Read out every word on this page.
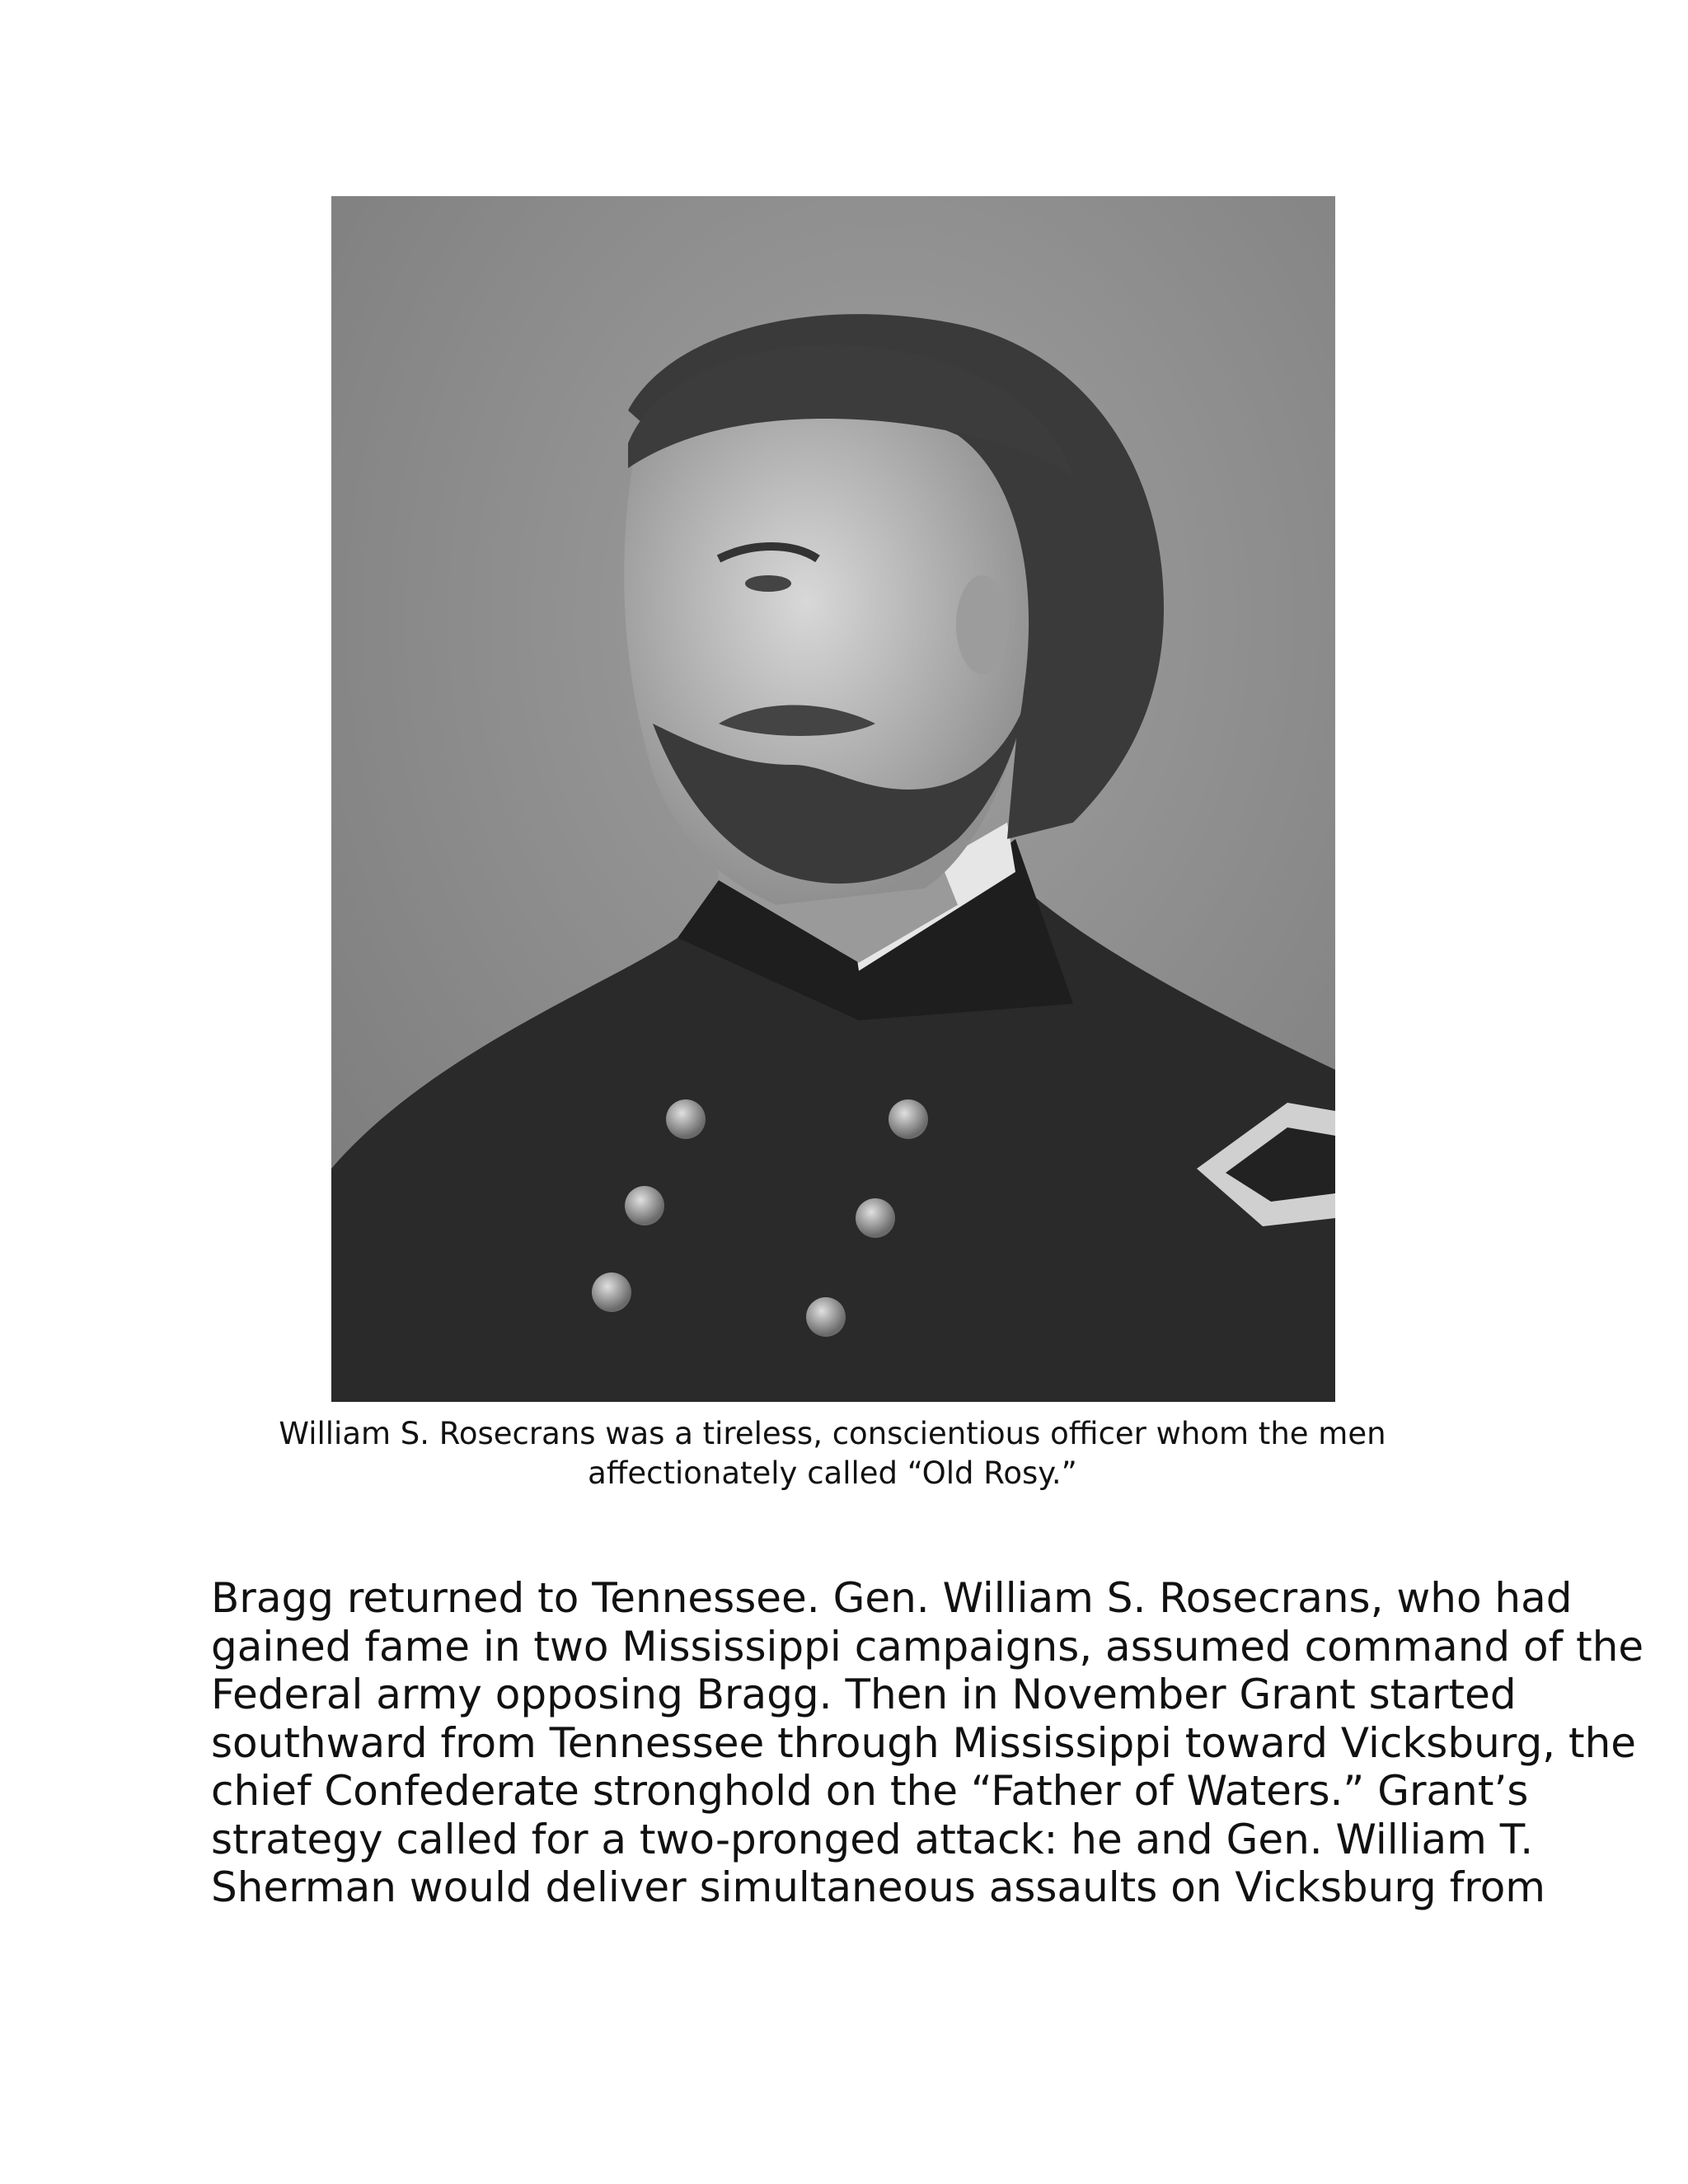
William S. Rosecrans was a tireless, conscientious officer whom the men
affectionately called “Old Rosy.”
Bragg returned to Tennessee. Gen. William S. Rosecrans, who had
gained fame in two Mississippi campaigns, assumed command of the
Federal army opposing Bragg. Then in November Grant started
southward from Tennessee through Mississippi toward Vicksburg, the
chief Confederate stronghold on the “Father of Waters.” Grant’s
strategy called for a two-pronged attack: he and Gen. William T.
Sherman would deliver simultaneous assaults on Vicksburg from
